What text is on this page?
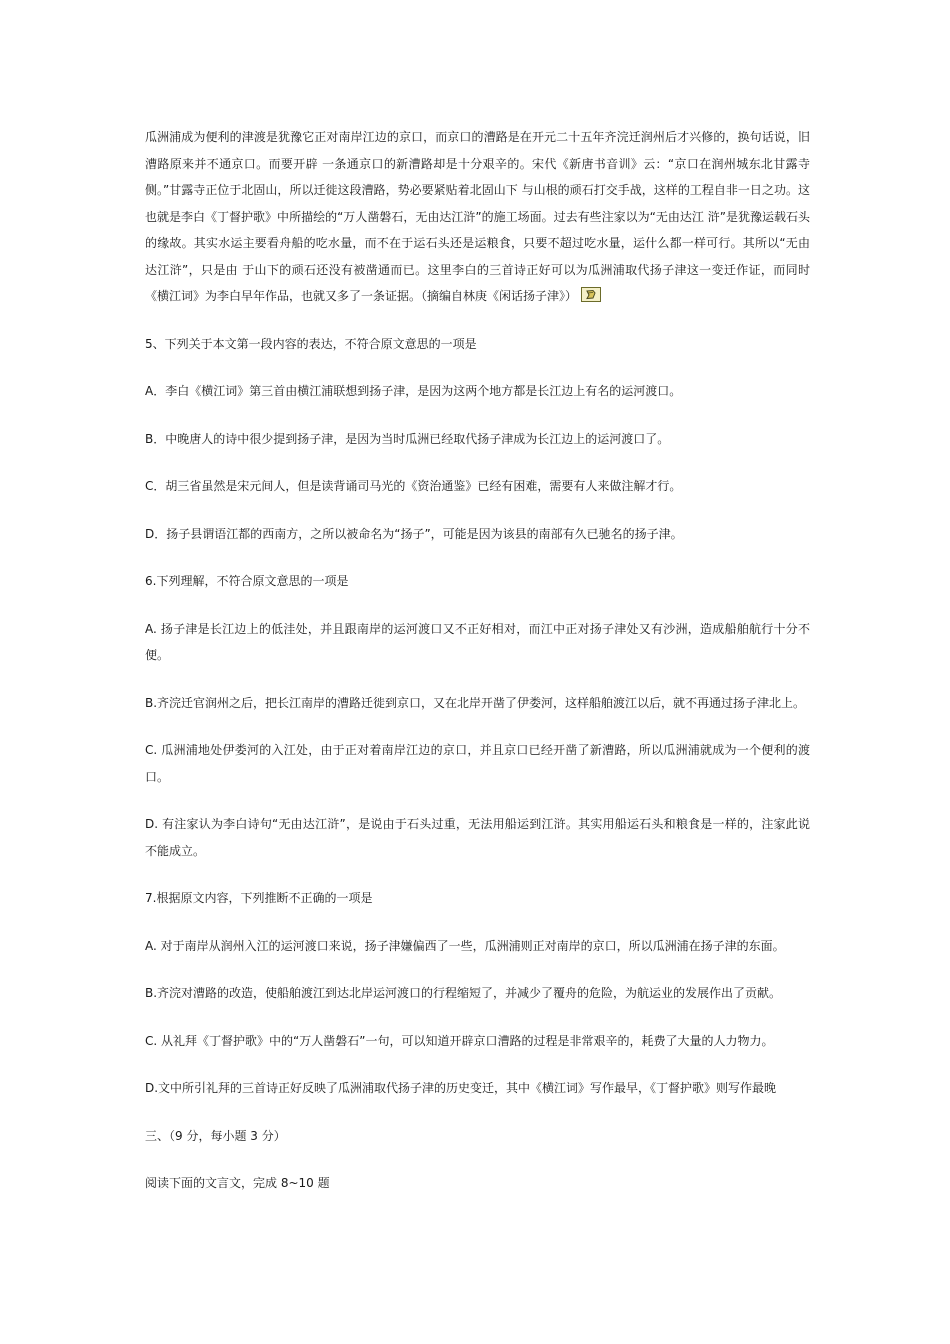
瓜洲浦成为便利的津渡是犹豫它正对南岸江边的京口，而京口的漕路是在开元二十五年齐浣迁润州后才兴修的，换句话说，旧漕路原来并不通京口。而要开辟 一条通京口的新漕路却是十分艰辛的。宋代《新唐书音训》云：“京口在润州城东北甘露寺侧。”甘露寺正位于北固山，所以迁徙这段漕路，势必要紧贴着北固山下 与山根的顽石打交手战，这样的工程自非一日之功。这也就是李白《丁督护歌》中所描绘的“万人凿磐石，无由达江浒”的施工场面。过去有些注家以为“无由达江 浒”是犹豫运载石头的缘故。其实水运主要看舟船的吃水量，而不在于运石头还是运粮食，只要不超过吃水量，运什么都一样可行。其所以“无由达江浒”，只是由 于山下的顽石还没有被凿通而已。这里李白的三首诗正好可以为瓜洲浦取代扬子津这一变迁作证，而同时《横江词》为李白早年作品，也就又多了一条证据。（摘编自林庚《闲话扬子津》）

5、下列关于本文第一段内容的表达，不符合原文意思的一项是

A．李白《横江词》第三首由横江浦联想到扬子津，是因为这两个地方都是长江边上有名的运河渡口。

B．中晚唐人的诗中很少提到扬子津，是因为当时瓜洲已经取代扬子津成为长江边上的运河渡口了。

C．胡三省虽然是宋元间人，但是读背诵司马光的《资治通鉴》已经有困难，需要有人来做注解才行。

D．扬子县谓语江都的西南方，之所以被命名为“扬子”，可能是因为该县的南部有久已驰名的扬子津。

6.下列理解，不符合原文意思的一项是

A. 扬子津是长江边上的低洼处，并且跟南岸的运河渡口又不正好相对，而江中正对扬子津处又有沙洲，造成船舶航行十分不便。

B.齐浣迁官润州之后，把长江南岸的漕路迁徙到京口，又在北岸开凿了伊娄河，这样船舶渡江以后，就不再通过扬子津北上。

C. 瓜洲浦地处伊娄河的入江处，由于正对着南岸江边的京口，并且京口已经开凿了新漕路，所以瓜洲浦就成为一个便利的渡口。

D. 有注家认为李白诗句“无由达江浒”，是说由于石头过重，无法用船运到江浒。其实用船运石头和粮食是一样的，注家此说不能成立。

7.根据原文内容，下列推断不正确的一项是

A. 对于南岸从润州入江的运河渡口来说，扬子津嫌偏西了一些，瓜洲浦则正对南岸的京口，所以瓜洲浦在扬子津的东面。

B.齐浣对漕路的改造，使船舶渡江到达北岸运河渡口的行程缩短了，并减少了覆舟的危险，为航运业的发展作出了贡献。

C. 从礼拜《丁督护歌》中的“万人凿磐石”一句，可以知道开辟京口漕路的过程是非常艰辛的，耗费了大量的人力物力。

D.文中所引礼拜的三首诗正好反映了瓜洲浦取代扬子津的历史变迁，其中《横江词》写作最早，《丁督护歌》则写作最晚

三、（9 分，每小题 3 分）

阅读下面的文言文，完成 8~10 题
